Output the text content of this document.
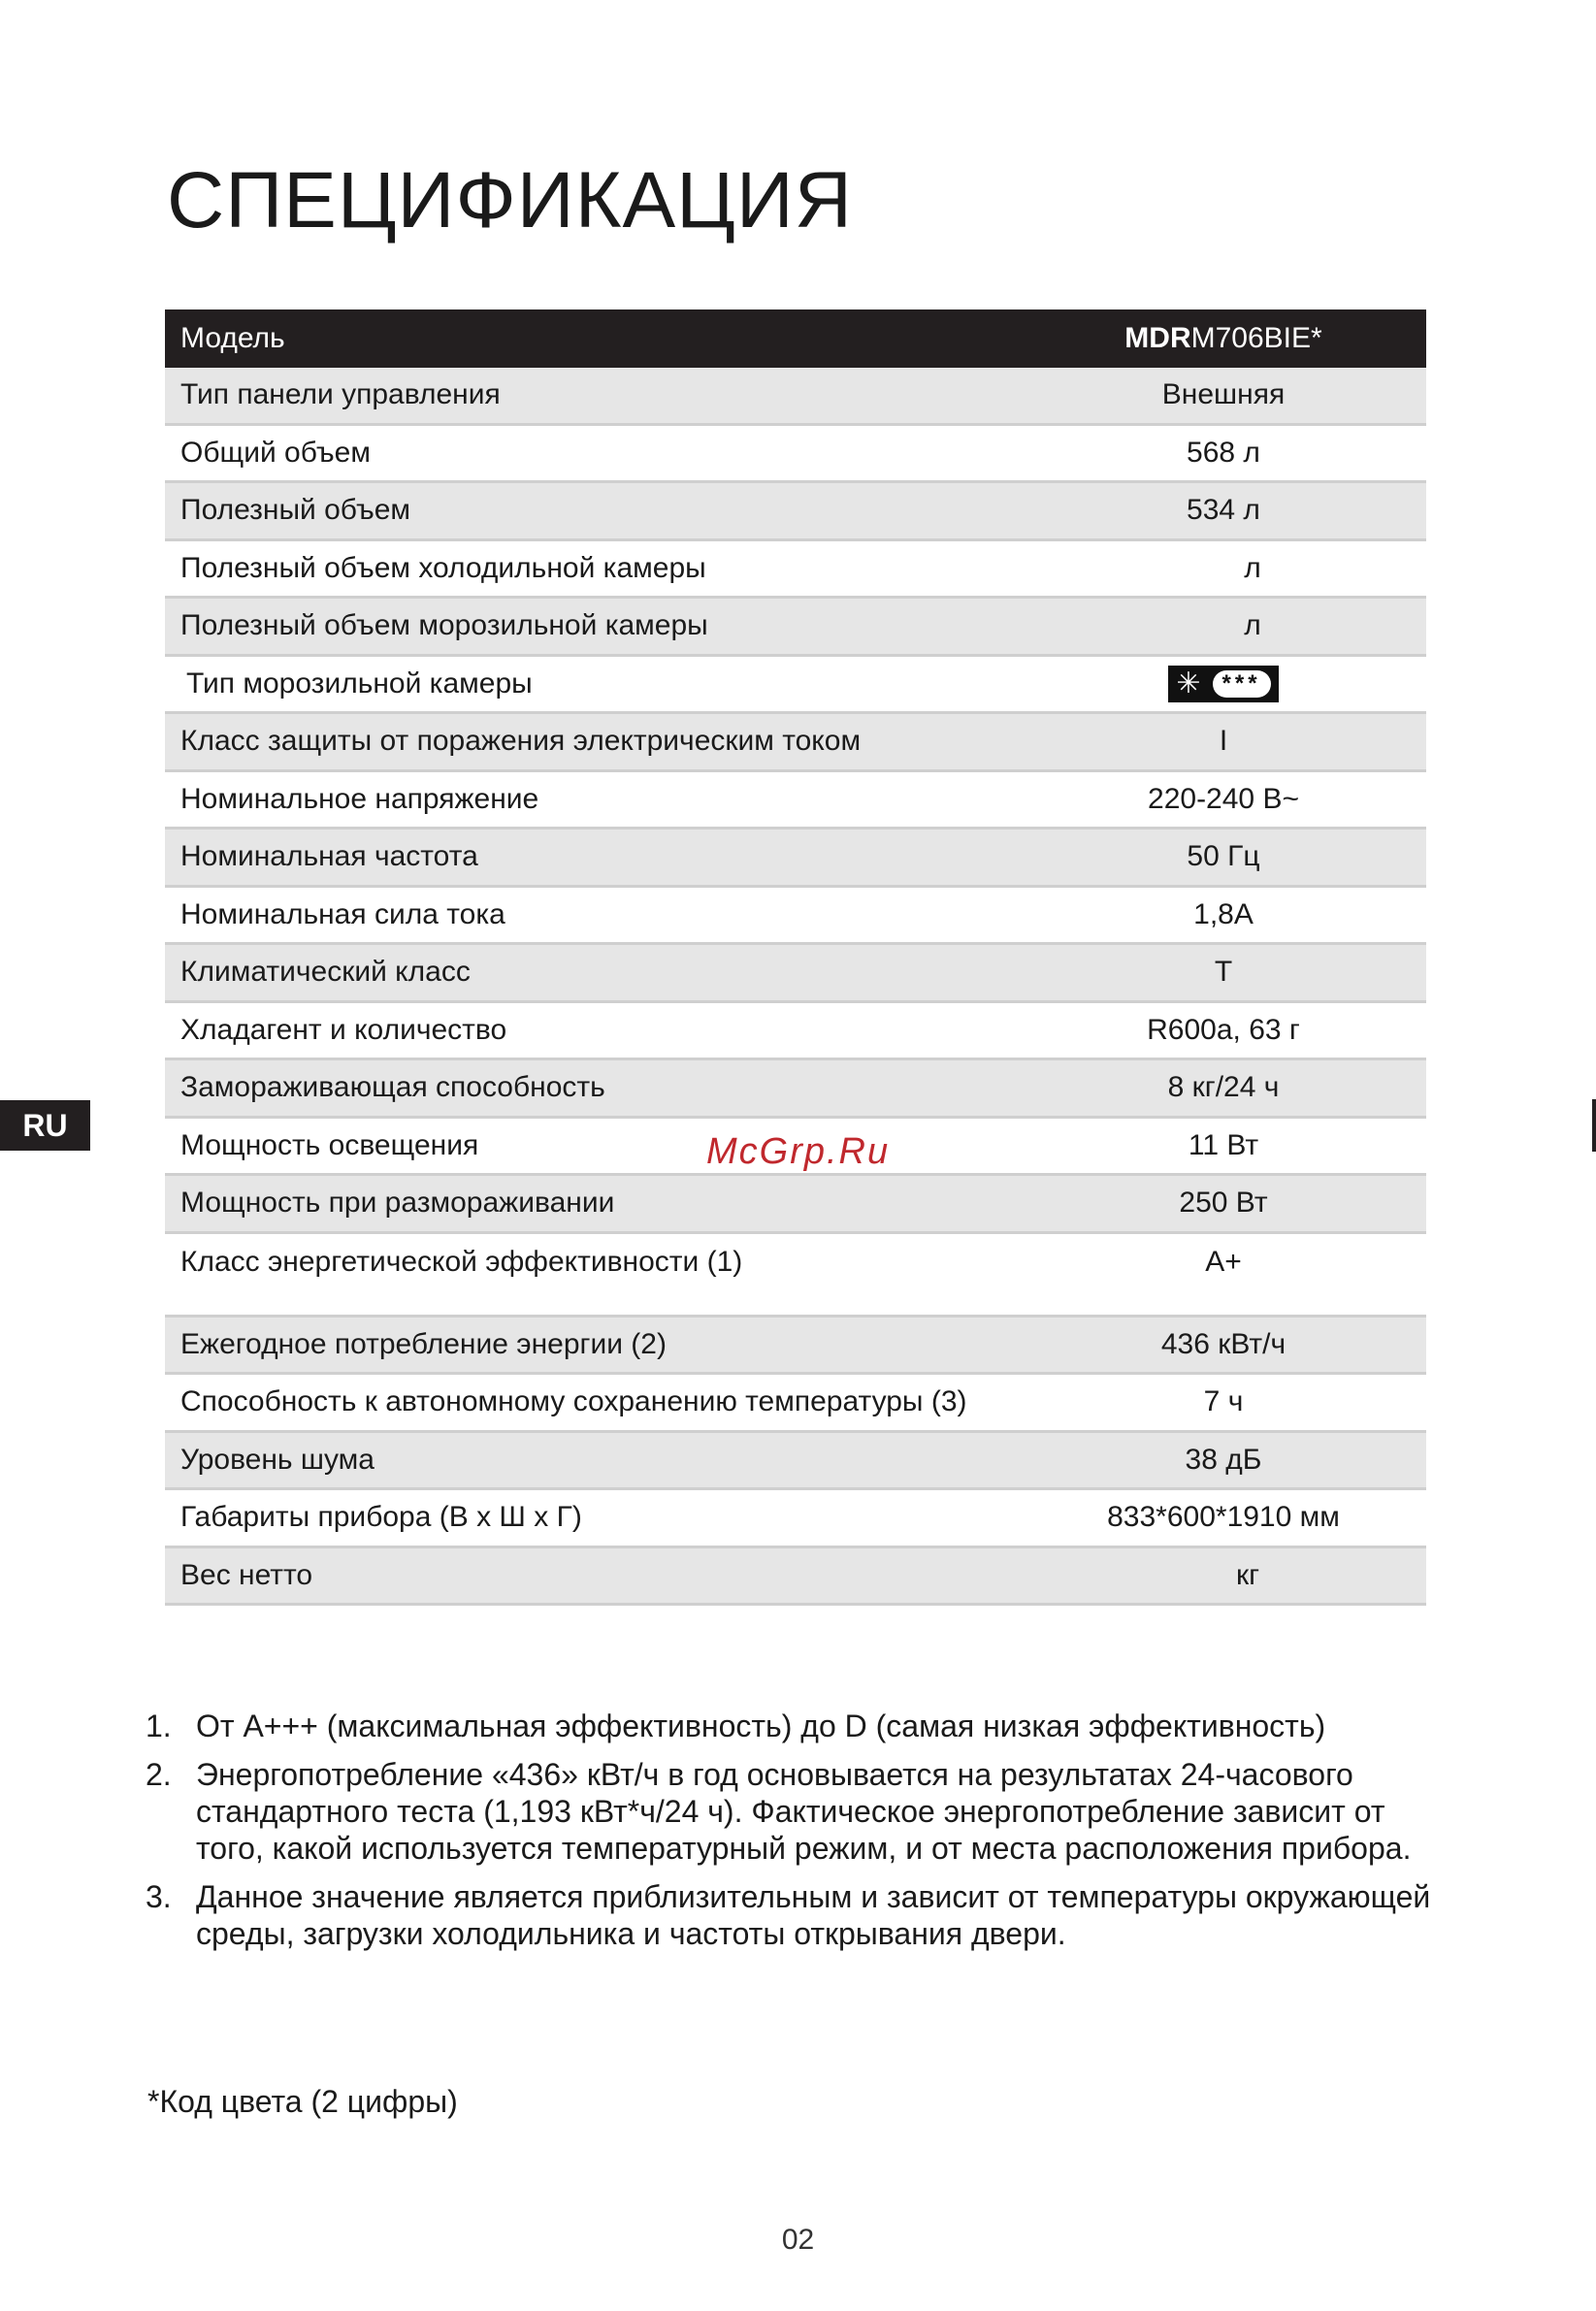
СПЕЦИФИКАЦИЯ
RU
Модель	MDRM706BIE*
Тип панели управления	Внешняя
Общий объем	568 л
Полезный объем	534 л
Полезный объем холодильной камеры	л
Полезный объем морозильной камеры	л
Тип морозильной камеры	✳ ***

Класс защиты от поражения электрическим током	I
Номинальное напряжение	220-240 В~
Номинальная частота	50 Гц
Номинальная сила тока	1,8А
Климатический класс	T
Хладагент и количество	R600a, 63 г
Замораживающая способность	8 кг/24 ч
Мощность освещения	11 Вт
Мощность при размораживании	250 Вт
Класс энергетической эффективности (1)	A+
Ежегодное потребление энергии (2)	436 кВт/ч
Способность к автономному сохранению температуры (3)	7 ч
Уровень шума	38 дБ
Габариты прибора (В х Ш х Г)	833*600*1910 мм
Вес нетто	кг
McGrp.Ru
1. От А+++ (максимальная эффективность) до D (самая низкая эффективность)
2. Энергопотребление «436» кВт/ч в год основывается на результатах 24-часового стандартного теста (1,193 кВт*ч/24 ч). Фактическое энергопотребление зависит от того, какой используется температурный режим, и от места расположения прибора.
3. Данное значение является приблизительным и зависит от температуры окружающей среды, загрузки холодильника и частоты открывания двери.
*Код цвета (2 цифры)
02
